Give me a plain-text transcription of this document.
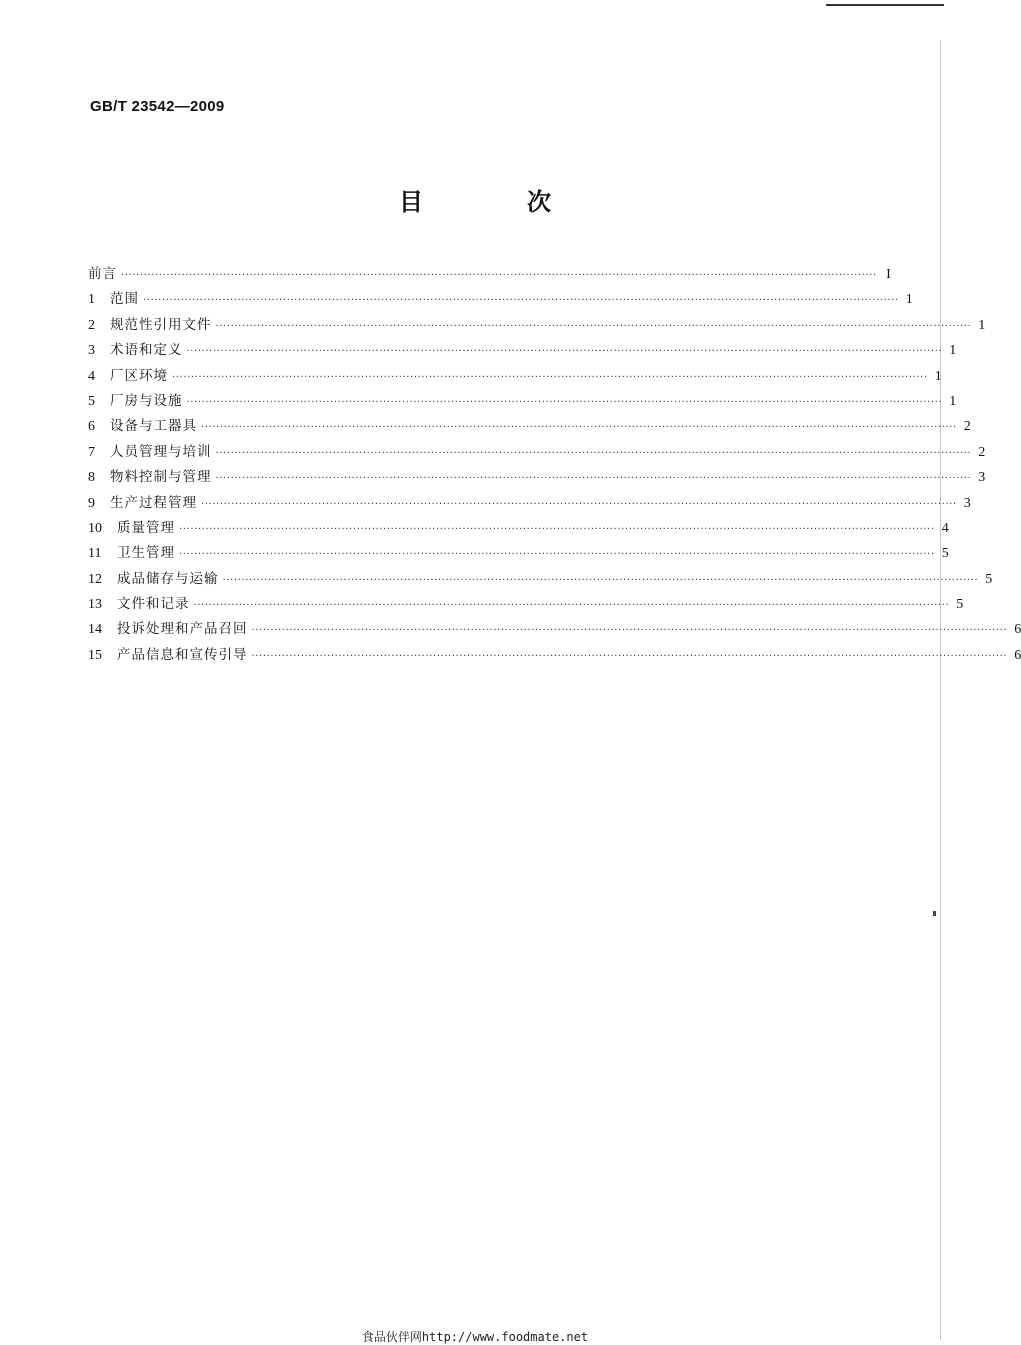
GB/T 23542—2009
目　次
前言 ········································································································································································································ I
1	范围 ········································································································································································································ 1
2	规范性引用文件 ········································································································································································································ 1
3	术语和定义 ········································································································································································································ 1
4	厂区环境 ········································································································································································································ 1
5	厂房与设施 ········································································································································································································ 1
6	设备与工器具 ········································································································································································································ 2
7	人员管理与培训 ········································································································································································································ 2
8	物料控制与管理 ········································································································································································································ 3
9	生产过程管理 ········································································································································································································ 3
10	质量管理 ········································································································································································································ 4
11	卫生管理 ········································································································································································································ 5
12	成品储存与运输 ········································································································································································································ 5
13	文件和记录 ········································································································································································································ 5
14	投诉处理和产品召回 ········································································································································································································ 6
15	产品信息和宣传引导 ········································································································································································································ 6
食品伙伴网http://www.foodmate.net
